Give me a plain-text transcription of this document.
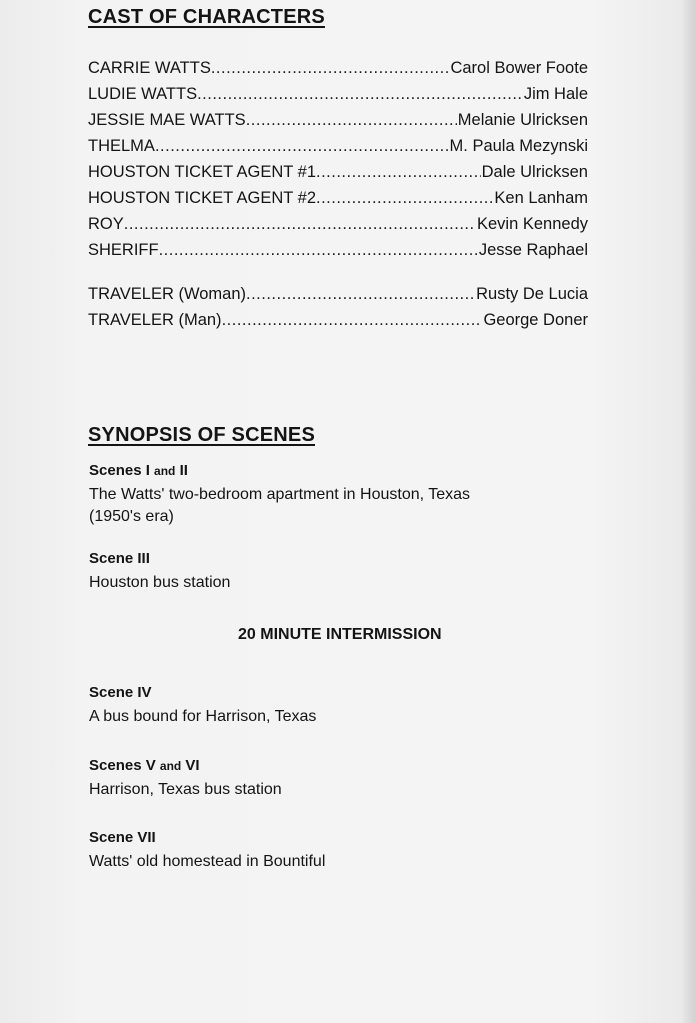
CAST OF CHARACTERS
CARRIE WATTS .....	Carol Bower Foote
LUDIE WATTS .....	Jim Hale
JESSIE MAE WATTS .....	Melanie Ulricksen
THELMA .....	M. Paula Mezynski
HOUSTON TICKET AGENT #1 .....	Dale Ulricksen
HOUSTON TICKET AGENT #2 .....	Ken Lanham
ROY .....	Kevin Kennedy
SHERIFF .....	Jesse Raphael
TRAVELER (Woman) .....	Rusty De Lucia
TRAVELER (Man) .....	George Doner
SYNOPSIS OF SCENES
Scenes I and II
The Watts' two-bedroom apartment in Houston, Texas (1950's era)
Scene III
Houston bus station
20 MINUTE INTERMISSION
Scene IV
A bus bound for Harrison, Texas
Scenes V and VI
Harrison, Texas bus station
Scene VII
Watts' old homestead in Bountiful
